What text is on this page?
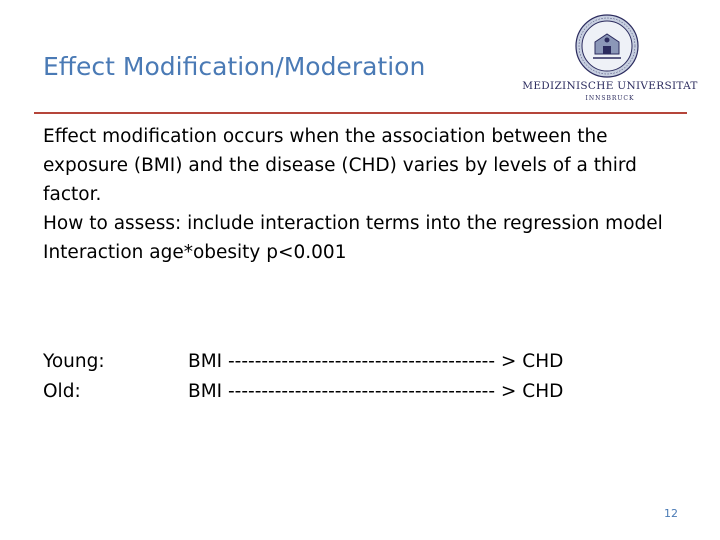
Effect Modification/Moderation
MEDIZINISCHE UNIVERSITAT
INNSBRUCK

Effect modification occurs when the association between the exposure (BMI) and the disease (CHD) varies by levels of a third factor.

How to assess: include interaction terms into the regression model

Interaction age*obesity p<0.001

Young:	BMI ---------------------------------------- > CHD
Old:	BMI ---------------------------------------- > CHD
12
